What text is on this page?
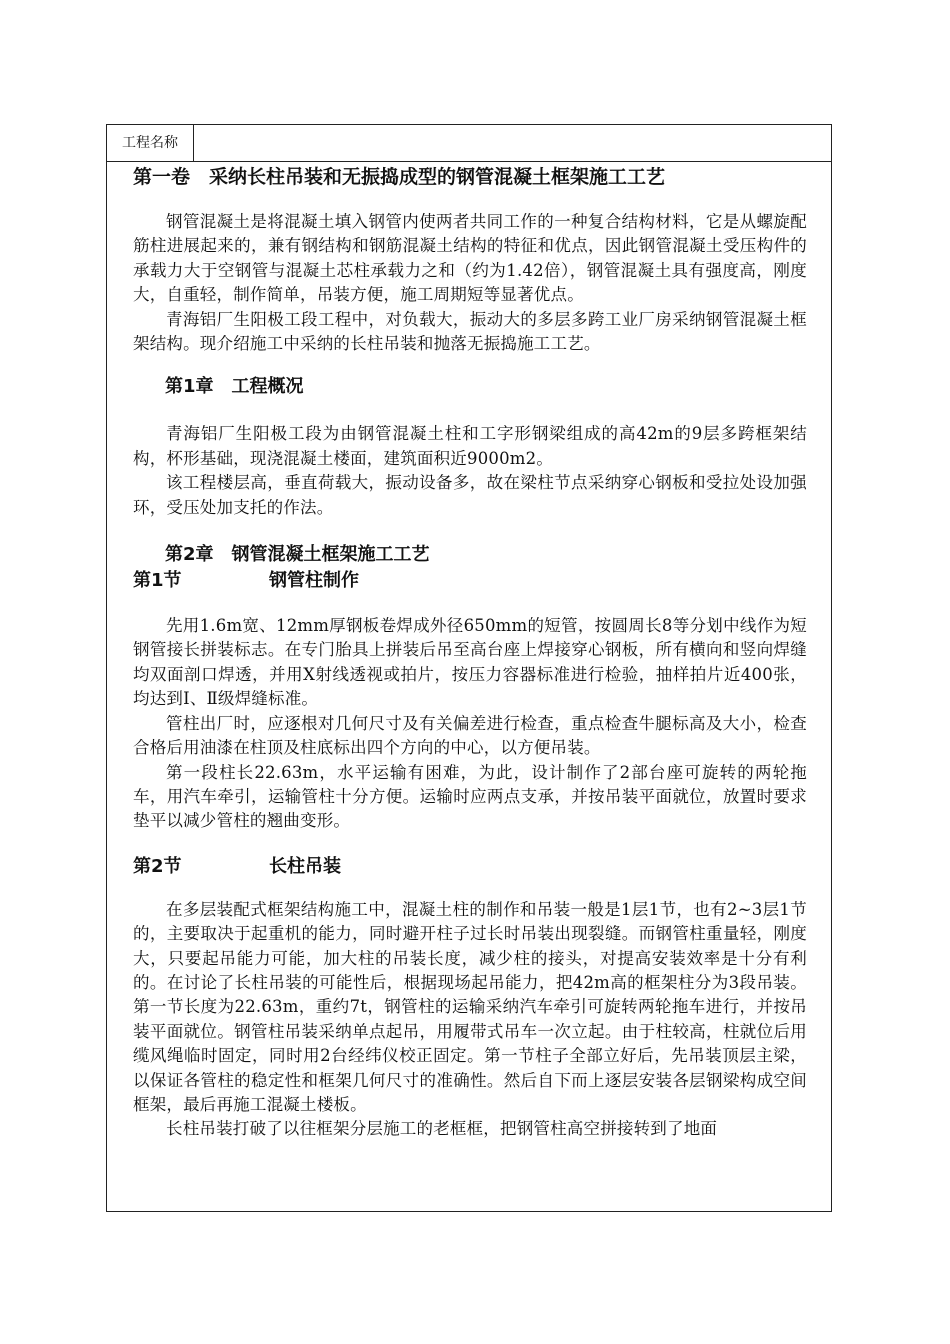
工程名称
第一卷　采纳长柱吊装和无振捣成型的钢管混凝土框架施工工艺

钢管混凝土是将混凝土填入钢管内使两者共同工作的一种复合结构材料，它是从螺旋配筋柱进展起来的，兼有钢结构和钢筋混凝土结构的特征和优点，因此钢管混凝土受压构件的承载力大于空钢管与混凝土芯柱承载力之和（约为1.42倍），钢管混凝土具有强度高，刚度大，自重轻，制作简单，吊装方便，施工周期短等显著优点。

青海铝厂生阳极工段工程中，对负载大，振动大的多层多跨工业厂房采纳钢管混凝土框架结构。现介绍施工中采纳的长柱吊装和抛落无振捣施工工艺。

第1章　工程概况

青海铝厂生阳极工段为由钢管混凝土柱和工字形钢梁组成的高42m的9层多跨框架结构，杯形基础，现浇混凝土楼面，建筑面积近9000m2。

该工程楼层高，垂直荷载大，振动设备多，故在梁柱节点采纳穿心钢板和受拉处设加强环，受压处加支托的作法。

第2章　钢管混凝土框架施工工艺
第1节	钢管柱制作

先用1.6m宽、12mm厚钢板卷焊成外径650mm的短管，按圆周长8等分划中线作为短钢管接长拼装标志。在专门胎具上拼装后吊至高台座上焊接穿心钢板，所有横向和竖向焊缝均双面剖口焊透，并用X射线透视或拍片，按压力容器标准进行检验，抽样拍片近400张，均达到Ⅰ、Ⅱ级焊缝标准。

管柱出厂时，应逐根对几何尺寸及有关偏差进行检查，重点检查牛腿标高及大小，检查合格后用油漆在柱顶及柱底标出四个方向的中心，以方便吊装。

第一段柱长22.63m，水平运输有困难，为此，设计制作了2部台座可旋转的两轮拖车，用汽车牵引，运输管柱十分方便。运输时应两点支承，并按吊装平面就位，放置时要求垫平以减少管柱的翘曲变形。

第2节	长柱吊装

在多层装配式框架结构施工中，混凝土柱的制作和吊装一般是1层1节，也有2~3层1节的，主要取决于起重机的能力，同时避开柱子过长时吊装出现裂缝。而钢管柱重量轻，刚度大，只要起吊能力可能，加大柱的吊装长度，减少柱的接头，对提高安装效率是十分有利的。在讨论了长柱吊装的可能性后，根据现场起吊能力，把42m高的框架柱分为3段吊装。第一节长度为22.63m，重约7t，钢管柱的运输采纳汽车牵引可旋转两轮拖车进行，并按吊装平面就位。钢管柱吊装采纳单点起吊，用履带式吊车一次立起。由于柱较高，柱就位后用缆风绳临时固定，同时用2台经纬仪校正固定。第一节柱子全部立好后，先吊装顶层主梁，以保证各管柱的稳定性和框架几何尺寸的准确性。然后自下而上逐层安装各层钢梁构成空间框架，最后再施工混凝土楼板。

长柱吊装打破了以往框架分层施工的老框框，把钢管柱高空拼接转到了地面
